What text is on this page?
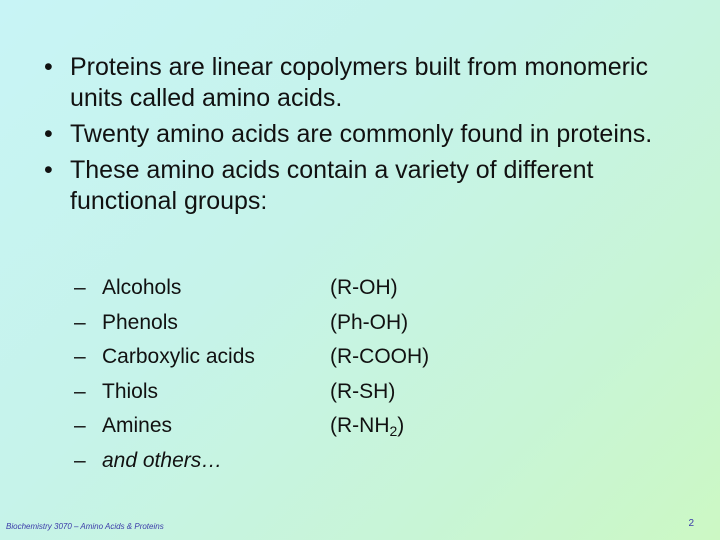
• Proteins are linear copolymers built from monomeric units called amino acids.
• Twenty amino acids are commonly found in proteins.
• These amino acids contain a variety of different functional groups:
– Alcohols	(R-OH)
– Phenols	(Ph-OH)
– Carboxylic acids	(R-COOH)
– Thiols	(R-SH)
– Amines	$(R-NH_2)$
– and others…
Biochemistry 3070 – Amino Acids & Proteins	2
